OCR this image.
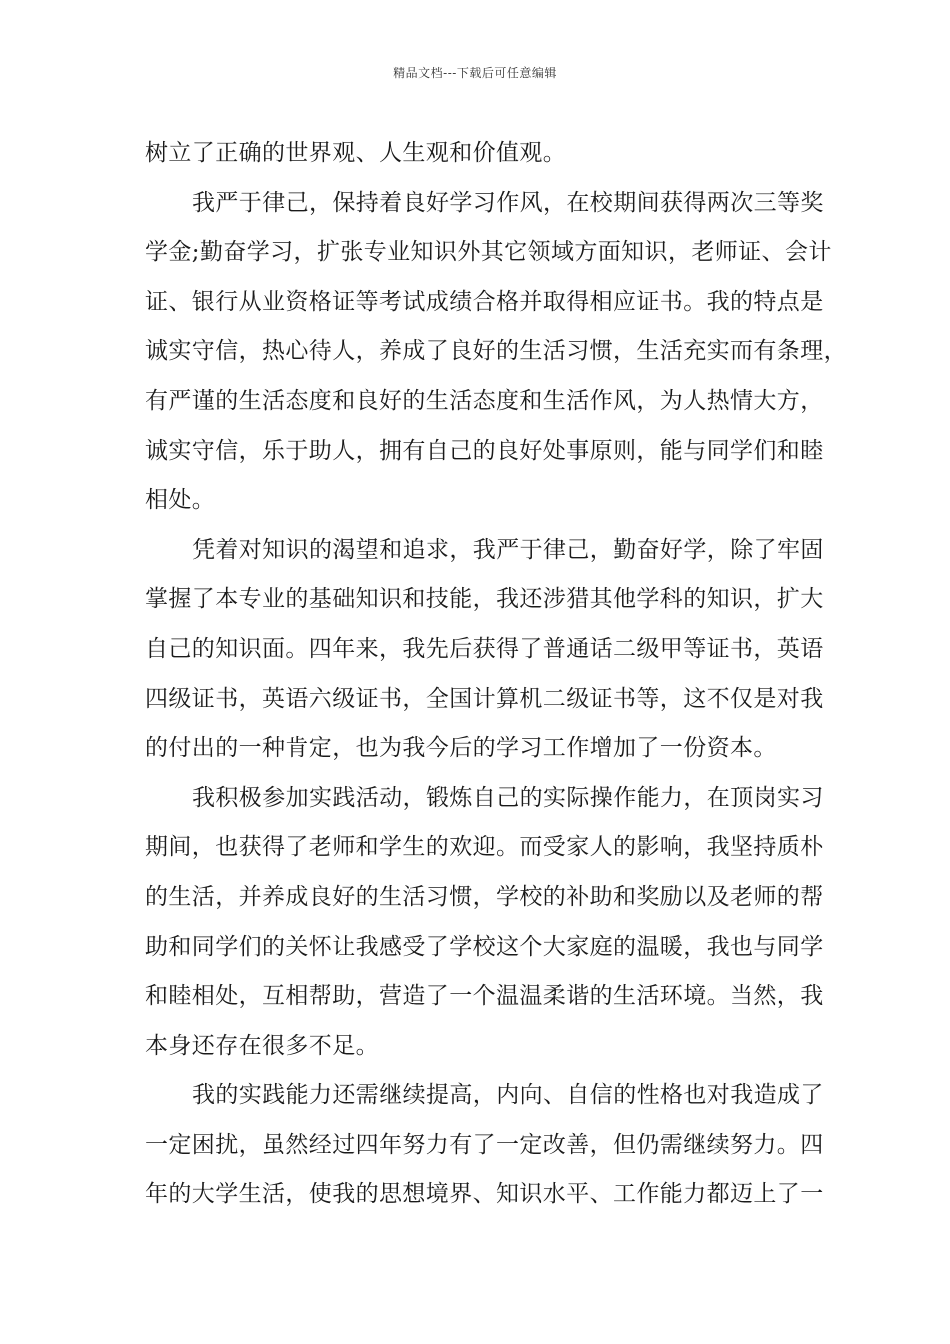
精品文档---下载后可任意编辑
树立了正确的世界观、人生观和价值观。
我严于律己，保持着良好学习作风，在校期间获得两次三等奖
学金;勤奋学习，扩张专业知识外其它领域方面知识，老师证、会计
证、银行从业资格证等考试成绩合格并取得相应证书。我的特点是
诚实守信，热心待人，养成了良好的生活习惯，生活充实而有条理，
有严谨的生活态度和良好的生活态度和生活作风，为人热情大方，
诚实守信，乐于助人，拥有自己的良好处事原则，能与同学们和睦
相处。
凭着对知识的渴望和追求，我严于律己，勤奋好学，除了牢固
掌握了本专业的基础知识和技能，我还涉猎其他学科的知识，扩大
自己的知识面。四年来，我先后获得了普通话二级甲等证书，英语
四级证书，英语六级证书，全国计算机二级证书等，这不仅是对我
的付出的一种肯定，也为我今后的学习工作增加了一份资本。
我积极参加实践活动，锻炼自己的实际操作能力，在顶岗实习
期间，也获得了老师和学生的欢迎。而受家人的影响，我坚持质朴
的生活，并养成良好的生活习惯，学校的补助和奖励以及老师的帮
助和同学们的关怀让我感受了学校这个大家庭的温暖，我也与同学
和睦相处，互相帮助，营造了一个温温柔谐的生活环境。当然，我
本身还存在很多不足。
我的实践能力还需继续提高，内向、自信的性格也对我造成了
一定困扰，虽然经过四年努力有了一定改善，但仍需继续努力。四
年的大学生活，使我的思想境界、知识水平、工作能力都迈上了一
